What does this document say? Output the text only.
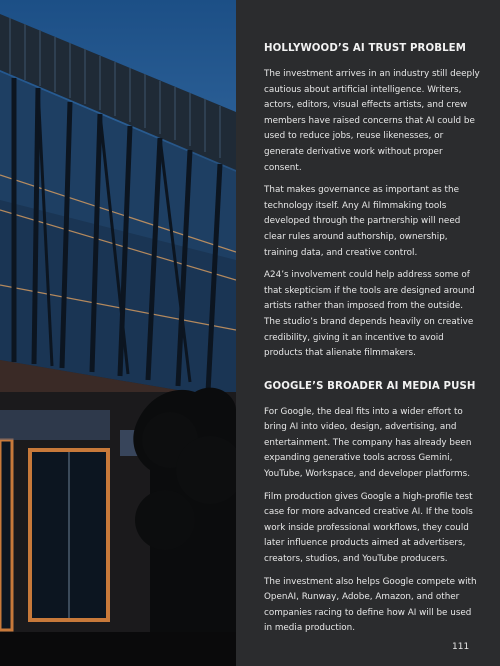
HOLLYWOOD’S AI TRUST PROBLEM

The investment arrives in an industry still deeply cautious about artificial intelligence. Writers, actors, editors, visual effects artists, and crew members have raised concerns that AI could be used to reduce jobs, reuse likenesses, or generate derivative work without proper consent.

That makes governance as important as the technology itself. Any AI filmmaking tools developed through the partnership will need clear rules around authorship, ownership, training data, and creative control.

A24’s involvement could help address some of that skepticism if the tools are designed around artists rather than imposed from the outside. The studio’s brand depends heavily on creative credibility, giving it an incentive to avoid products that alienate filmmakers.

GOOGLE’S BROADER AI MEDIA PUSH

For Google, the deal fits into a wider effort to bring AI into video, design, advertising, and entertainment. The company has already been expanding generative tools across Gemini, YouTube, Workspace, and developer platforms.

Film production gives Google a high-profile test case for more advanced creative AI. If the tools work inside professional workflows, they could later influence products aimed at advertisers, creators, studios, and YouTube producers.

The investment also helps Google compete with OpenAI, Runway, Adobe, Amazon, and other companies racing to define how AI will be used in media production.

111
